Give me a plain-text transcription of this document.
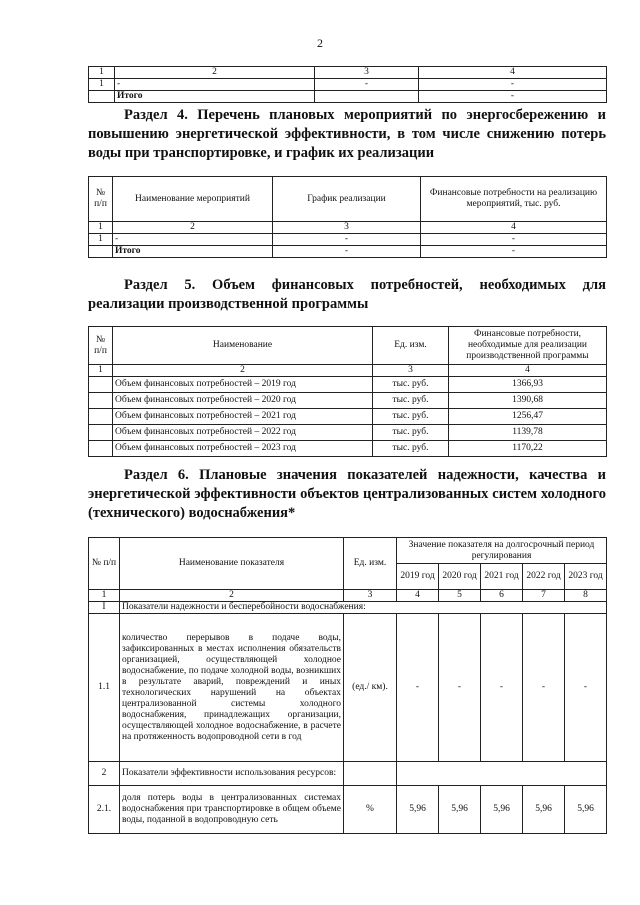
2
1	2	3	4
1	-	-	-
	Итого		-
Раздел 4. Перечень плановых мероприятий по энергосбережению и повышению энергетической эффективности, в том числе снижению потерь воды при транспортировке, и график их реализации
№ п/п	Наименование мероприятий	График реализации	Финансовые потребности на реализацию мероприятий, тыс. руб.
1	2	3	4
1	-	-	-
	Итого	-	-
Раздел 5. Объем финансовых потребностей, необходимых для реализации производственной программы
№ п/п	Наименование	Ед. изм.	Финансовые потребности, необходимые для реализации производственной программы
1	2	3	4
	Объем финансовых потребностей – 2019 год	тыс. руб.	1366,93
	Объем финансовых потребностей – 2020 год	тыс. руб.	1390,68
	Объем финансовых потребностей – 2021 год	тыс. руб.	1256,47
	Объем финансовых потребностей – 2022 год	тыс. руб.	1139,78
	Объем финансовых потребностей – 2023 год	тыс. руб.	1170,22
Раздел 6. Плановые значения показателей надежности, качества и энергетической эффективности объектов централизованных систем холодного (технического) водоснабжения*
№ п/п	Наименование показателя	Ед. изм.	Значение показателя на долгосрочный период регулирования				
			2019 год	2020 год	2021 год	2022 год	2023 год
1	2	3	4	5	6	7	8
I	Показатели надежности и бесперебойности водоснабжения:						
1.1	количество перерывов в подаче воды, зафиксированных в местах исполнения обязательств организацией, осуществляющей холодное водоснабжение, по подаче холодной воды, возникших в результате аварий, повреждений и иных технологических нарушений на объектах централизованной системы холодного водоснабжения, принадлежащих организации, осуществляющей холодное водоснабжение, в расчете на протяженность водопроводной сети в год	(ед./ км).	-	-	-	-	-
2	Показатели эффективности использования ресурсов:						
2.1.	доля потерь воды в централизованных системах водоснабжения при транспортировке в общем объеме воды, поданной в водопроводную сеть	%	5,96	5,96	5,96	5,96	5,96
